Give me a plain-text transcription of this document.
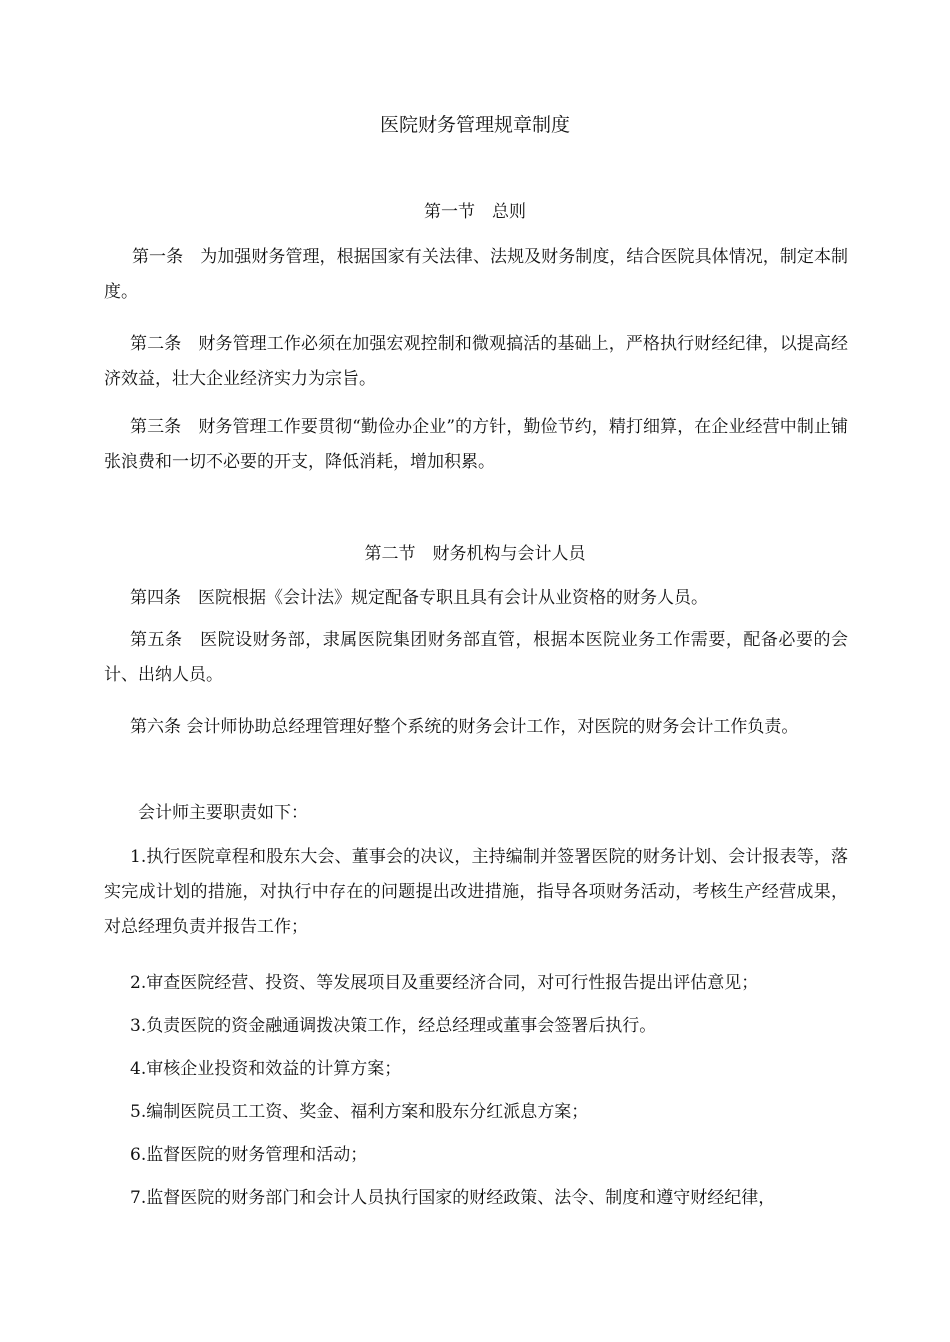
医院财务管理规章制度
第一节　总则
第一条　为加强财务管理，根据国家有关法律、法规及财务制度，结合医院具体情况，制定本制度。
第二条　财务管理工作必须在加强宏观控制和微观搞活的基础上，严格执行财经纪律，以提高经济效益，壮大企业经济实力为宗旨。
第三条　财务管理工作要贯彻“勤俭办企业”的方针，勤俭节约，精打细算，在企业经营中制止铺张浪费和一切不必要的开支，降低消耗，增加积累。
第二节　财务机构与会计人员
第四条　医院根据《会计法》规定配备专职且具有会计从业资格的财务人员。
第五条　医院设财务部，隶属医院集团财务部直管，根据本医院业务工作需要，配备必要的会计、出纳人员。
第六条 会计师协助总经理管理好整个系统的财务会计工作，对医院的财务会计工作负责。
会计师主要职责如下：
1.执行医院章程和股东大会、董事会的决议，主持编制并签署医院的财务计划、会计报表等，落实完成计划的措施，对执行中存在的问题提出改进措施，指导各项财务活动，考核生产经营成果，对总经理负责并报告工作；
2.审查医院经营、投资、等发展项目及重要经济合同，对可行性报告提出评估意见；
3.负责医院的资金融通调拨决策工作，经总经理或董事会签署后执行。
4.审核企业投资和效益的计算方案；
5.编制医院员工工资、奖金、福利方案和股东分红派息方案；
6.监督医院的财务管理和活动；
7.监督医院的财务部门和会计人员执行国家的财经政策、法令、制度和遵守财经纪律，
